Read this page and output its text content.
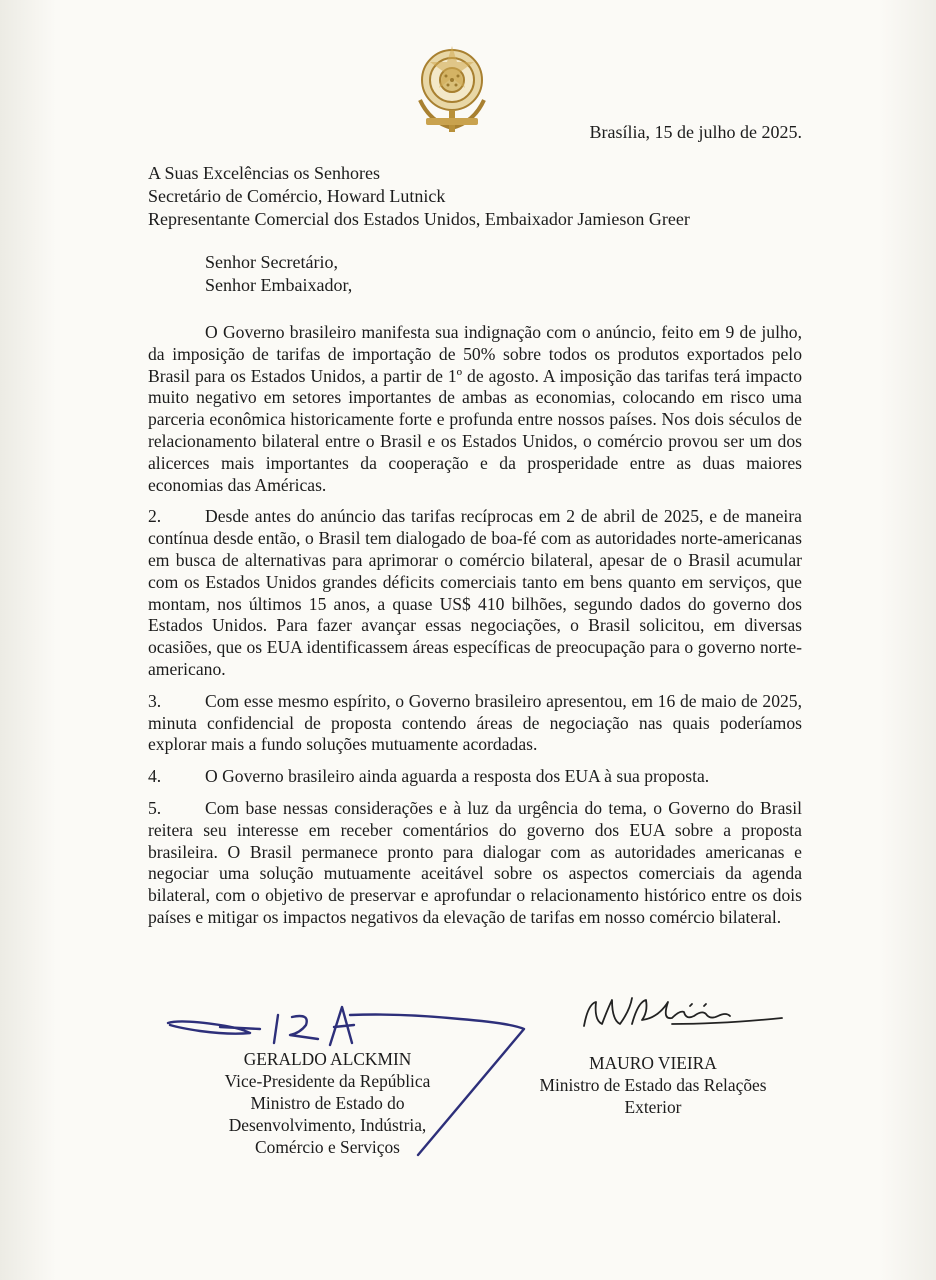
Brasília, 15 de julho de 2025.
A Suas Excelências os Senhores
Secretário de Comércio, Howard Lutnick
Representante Comercial dos Estados Unidos, Embaixador Jamieson Greer
Senhor Secretário,
Senhor Embaixador,

O Governo brasileiro manifesta sua indignação com o anúncio, feito em 9 de julho, da imposição de tarifas de importação de 50% sobre todos os produtos exportados pelo Brasil para os Estados Unidos, a partir de 1º de agosto. A imposição das tarifas terá impacto muito negativo em setores importantes de ambas as economias, colocando em risco uma parceria econômica historicamente forte e profunda entre nossos países. Nos dois séculos de relacionamento bilateral entre o Brasil e os Estados Unidos, o comércio provou ser um dos alicerces mais importantes da cooperação e da prosperidade entre as duas maiores economias das Américas.

2. Desde antes do anúncio das tarifas recíprocas em 2 de abril de 2025, e de maneira contínua desde então, o Brasil tem dialogado de boa-fé com as autoridades norte-americanas em busca de alternativas para aprimorar o comércio bilateral, apesar de o Brasil acumular com os Estados Unidos grandes déficits comerciais tanto em bens quanto em serviços, que montam, nos últimos 15 anos, a quase US$ 410 bilhões, segundo dados do governo dos Estados Unidos. Para fazer avançar essas negociações, o Brasil solicitou, em diversas ocasiões, que os EUA identificassem áreas específicas de preocupação para o governo norte-americano.

3. Com esse mesmo espírito, o Governo brasileiro apresentou, em 16 de maio de 2025, minuta confidencial de proposta contendo áreas de negociação nas quais poderíamos explorar mais a fundo soluções mutuamente acordadas.

4. O Governo brasileiro ainda aguarda a resposta dos EUA à sua proposta.

5. Com base nessas considerações e à luz da urgência do tema, o Governo do Brasil reitera seu interesse em receber comentários do governo dos EUA sobre a proposta brasileira. O Brasil permanece pronto para dialogar com as autoridades americanas e negociar uma solução mutuamente aceitável sobre os aspectos comerciais da agenda bilateral, com o objetivo de preservar e aprofundar o relacionamento histórico entre os dois países e mitigar os impactos negativos da elevação de tarifas em nosso comércio bilateral.

GERALDO ALCKMIN
Vice-Presidente da República
Ministro de Estado do
Desenvolvimento, Indústria,
Comércio e Serviços
MAURO VIEIRA
Ministro de Estado das Relações
Exterior
